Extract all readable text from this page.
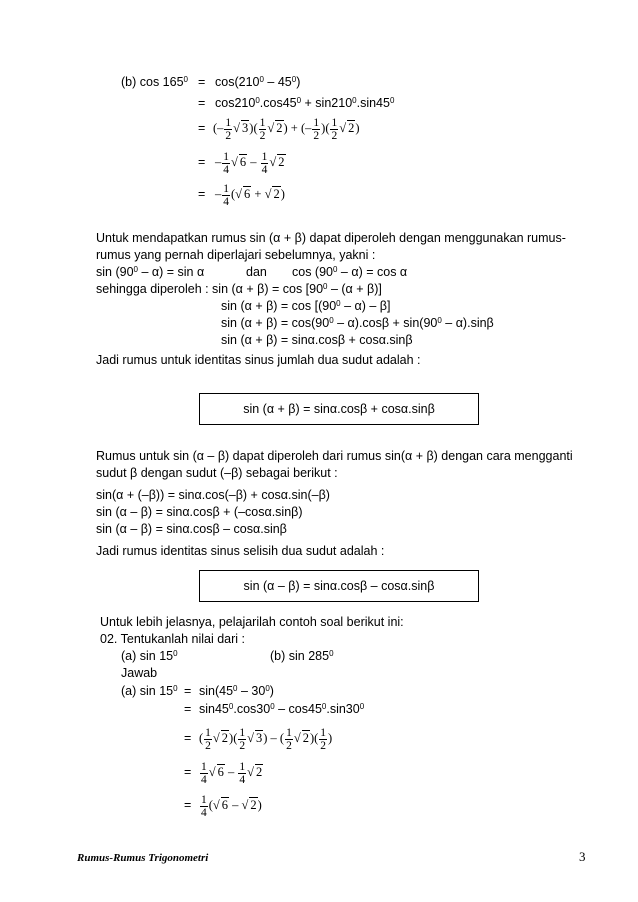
(b) $\cos 165^0 = \cos(210^0 - 45^0)$
= $\cos 210^0.\cos 45^0 + \sin 210^0.\sin 45^0$
= (– $\frac{1}{2}$ √ $3)( \frac{1}{2}$ √ 2) + (– $\frac{1}{2}$ )( $\frac{1}{2}$ √ 2)
= – $\frac{1}{4}$ √ $6 - \frac{1}{4}$ √ 2
= – $\frac{1}{4}$ (√ 6 + √ 2)
Untuk mendapatkan rumus sin (α + β) dapat diperoleh dengan menggunakan rumus-
rumus yang pernah diperlajari sebelumnya, yakni :
$\sin (90^0 - \alpha) = \sin \alpha$	dan $\cos (90^0 - \alpha) = \cos \alpha$
sehingga diperoleh : $\sin (\alpha + \beta) = \cos [90^0 - (\alpha + \beta)]$
$\sin (\alpha + \beta) = \cos [(90^0 - \alpha) - \beta]$
$\sin (\alpha + \beta) = \cos(90^0 - \alpha).\cos\beta + \sin(90^0 - \alpha).\sin\beta$
sin (α + β) = sinα.cosβ + cosα.sinβ
Jadi rumus untuk identitas sinus jumlah dua sudut adalah :
sin (α + β) = sinα.cosβ + cosα.sinβ
Rumus untuk sin (α – β) dapat diperoleh dari rumus sin(α + β) dengan cara mengganti
sudut β dengan sudut (–β) sebagai berikut :
sin(α + (–β)) = sinα.cos(–β) + cosα.sin(–β)
sin (α – β) = sinα.cosβ + (–cosα.sinβ)
sin (α – β) = sinα.cosβ – cosα.sinβ
Jadi rumus identitas sinus selisih dua sudut adalah :
sin (α – β) = sinα.cosβ – cosα.sinβ
Untuk lebih jelasnya, pelajarilah contoh soal berikut ini:
02. Tentukanlah nilai dari :
(a) $\sin 15^0$	(b) $\sin 285^0$
Jawab
(a) $\sin 15^0 = \sin(45^0 - 30^0)$
= $\sin 45^0.\cos 30^0 - \cos 45^0.\sin 30^0$
= ( $\frac{1}{2}$ √ $2)( \frac{1}{2}$ √ 3) – ( $\frac{1}{2}$ √ $2)( \frac{1}{2}$ )
= $\frac{1}{4}$ √ $6 - \frac{1}{4}$ √ 2
= $\frac{1}{4}$ (√ 6 – √ 2)
Rumus-Rumus Trigonometri	3
